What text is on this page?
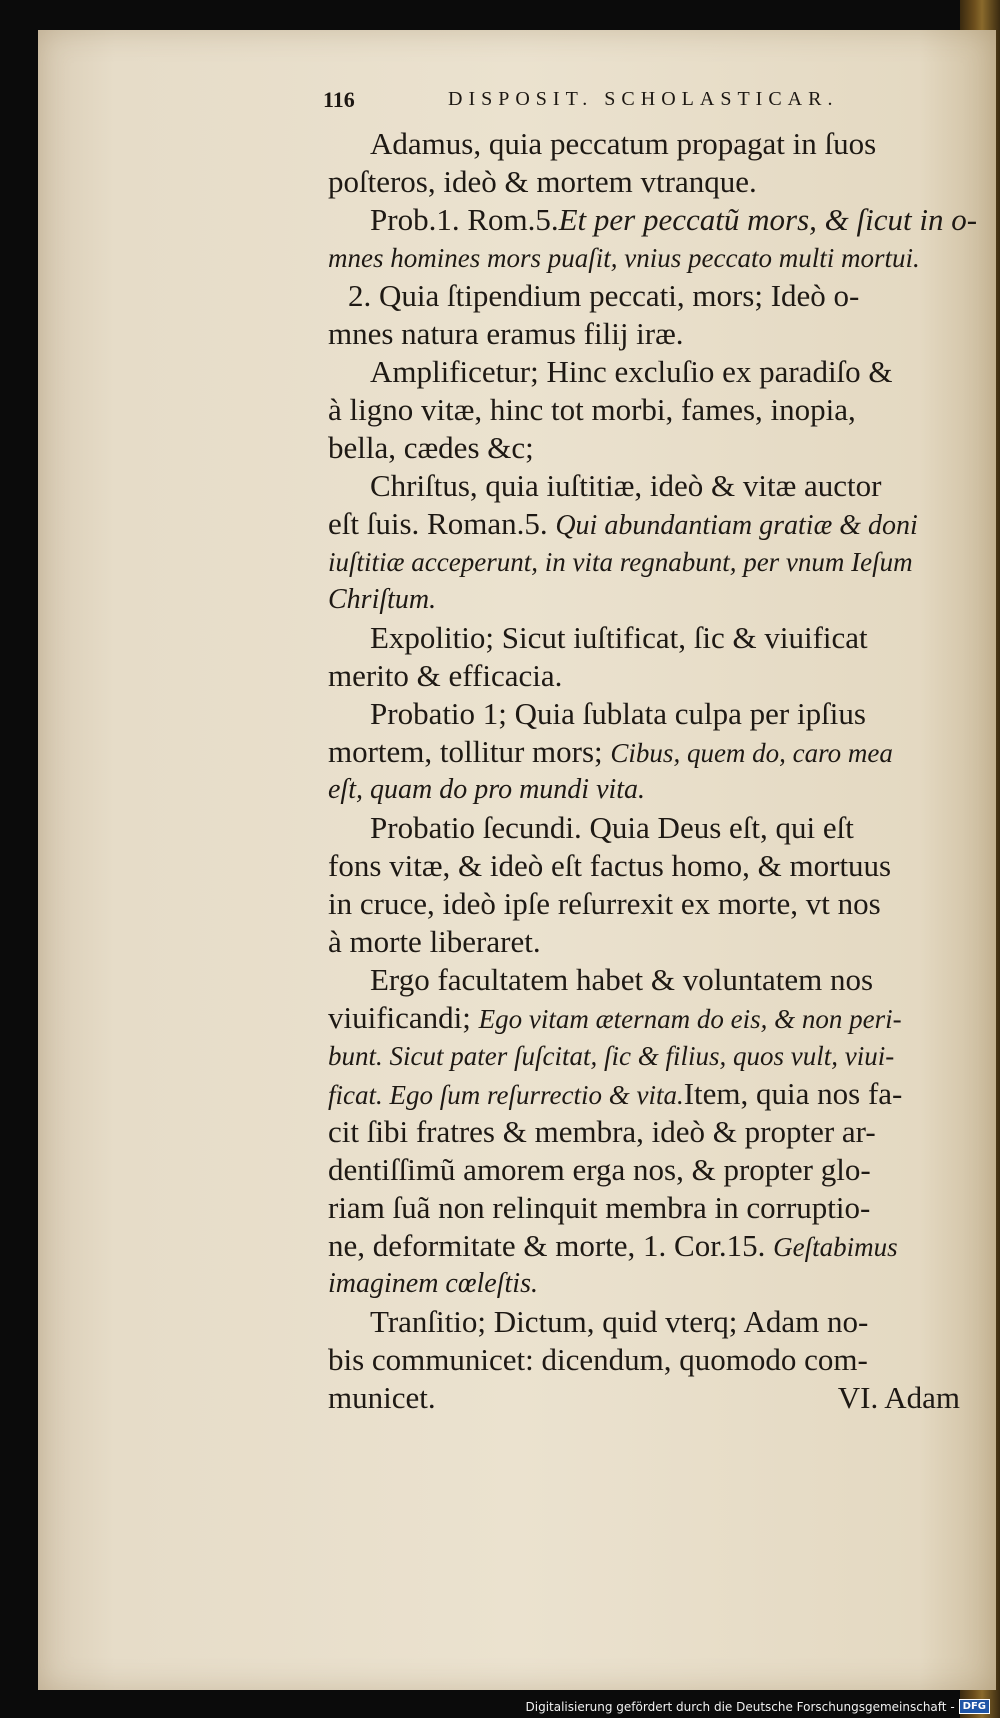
116	DISPOSIT. SCHOLASTICAR.
Adamus, quia peccatum propagat in ſuos
poſteros, ideò & mortem vtranque.
Prob.1. Rom.5.Et per peccatũ mors, & ſicut in o-
mnes homines mors puaſit, vnius peccato multi mortui.
2. Quia ſtipendium peccati, mors; Ideò o-
mnes natura eramus filij iræ.
Amplificetur; Hinc excluſio ex paradiſo &
à ligno vitæ, hinc tot morbi, fames, inopia,
bella, cædes &c;
Chriſtus, quia iuſtitiæ, ideò & vitæ auctor
eſt ſuis. Roman.5. Qui abundantiam gratiæ & doni
iuſtitiæ acceperunt, in vita regnabunt, per vnum Ieſum
Chriſtum.
Expolitio; Sicut iuſtificat, ſic & viuificat
merito & efficacia.
Probatio 1; Quia ſublata culpa per ipſius
mortem, tollitur mors; Cibus, quem do, caro mea
eſt, quam do pro mundi vita.
Probatio ſecundi. Quia Deus eſt, qui eſt
fons vitæ, & ideò eſt factus homo, & mortuus
in cruce, ideò ipſe reſurrexit ex morte, vt nos
à morte liberaret.
Ergo facultatem habet & voluntatem nos
viuificandi; Ego vitam æternam do eis, & non peri-
bunt. Sicut pater ſuſcitat, ſic & filius, quos vult, viui-
ficat. Ego ſum reſurrectio & vita.Item, quia nos fa-
cit ſibi fratres & membra, ideò & propter ar-
dentiſſimũ amorem erga nos, & propter glo-
riam ſuã non relinquit membra in corruptio-
ne, deformitate & morte, 1. Cor.15. Geſtabimus
imaginem cœleſtis.
Tranſitio; Dictum, quid vterq; Adam no-
bis communicet: dicendum, quomodo com-
municet.	VI. Adam
Digitalisierung gefördert durch die Deutsche Forschungsgemeinschaft - DFG
